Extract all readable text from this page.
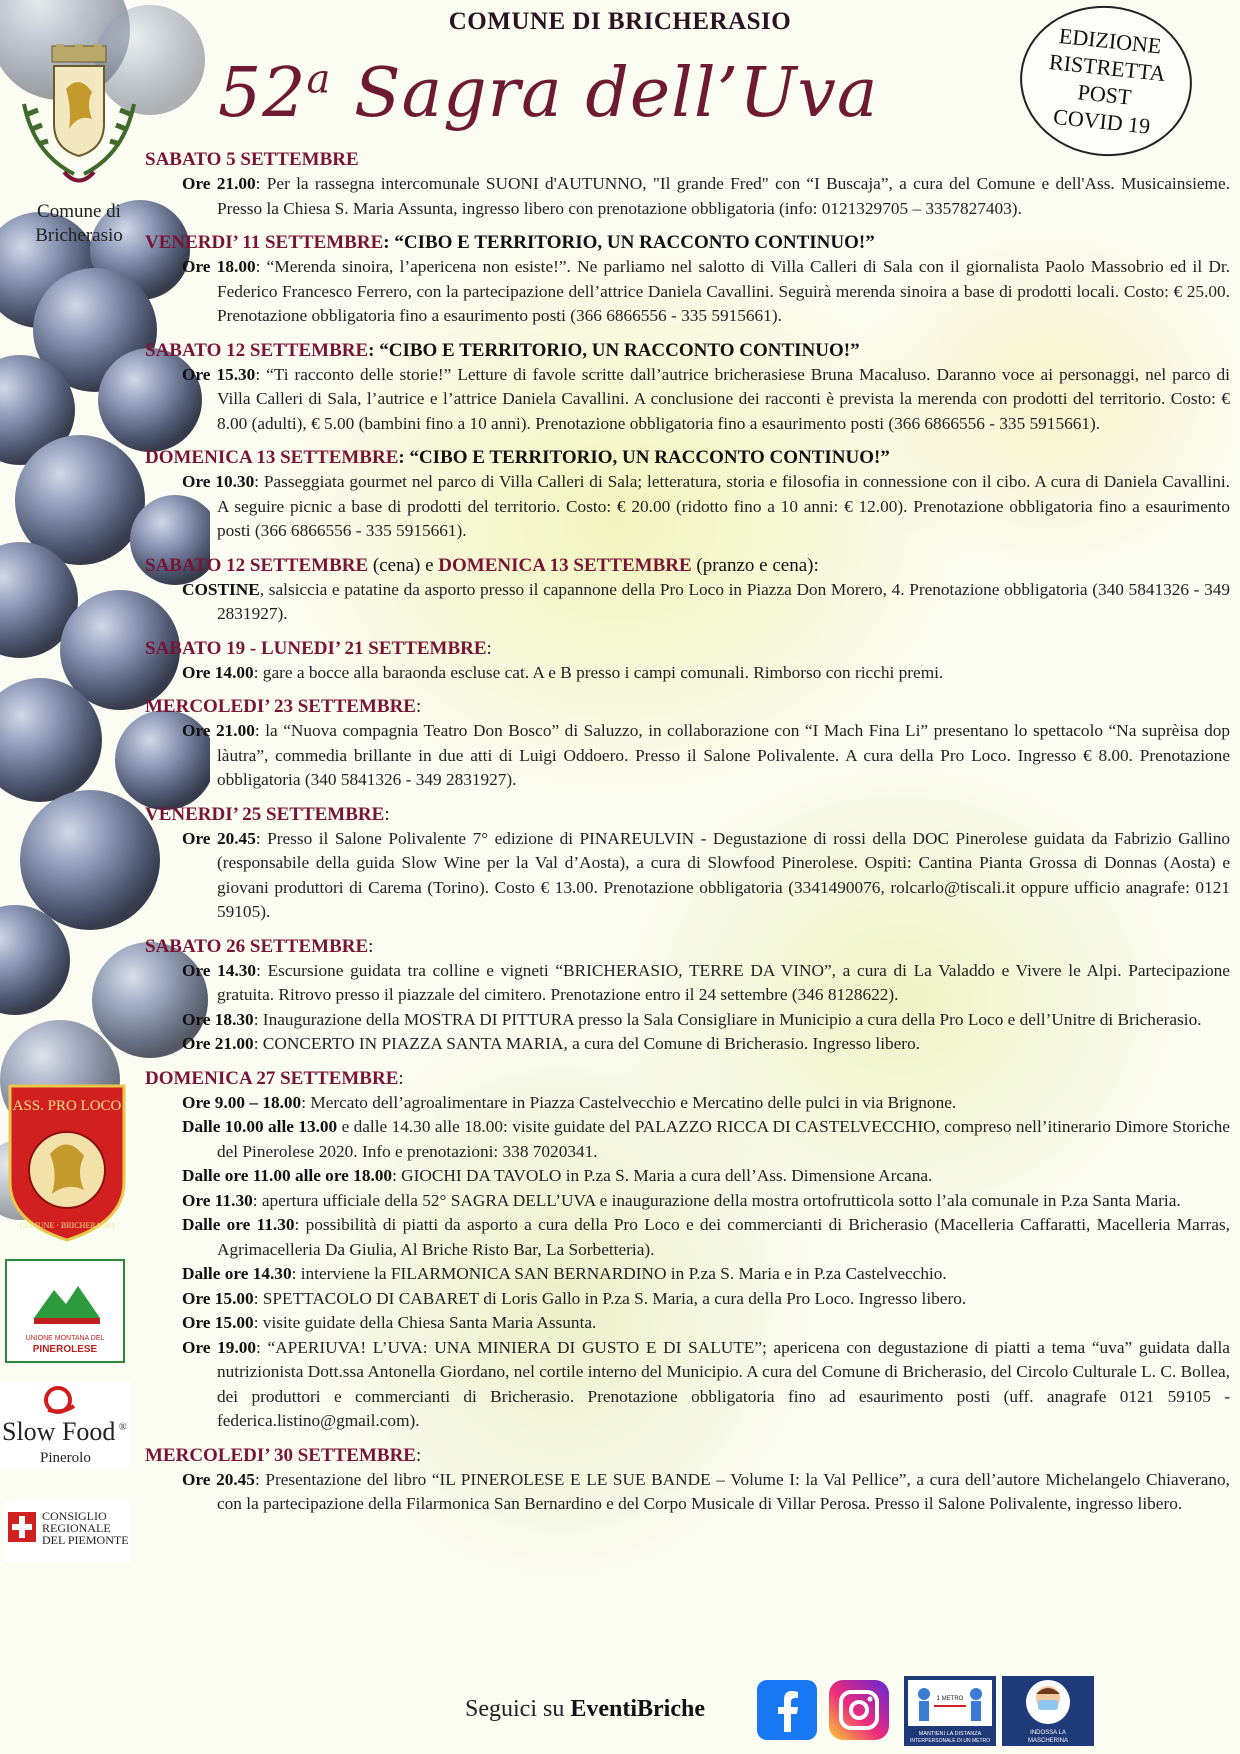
Comune di
Bricherasio
COMUNE DI BRICHERASIO
52$^a$ Sagra dell’Uva
EDIZIONE
RISTRETTA
POST
COVID 19
SABATO 5 SETTEMBRE
Ore 21.00: Per la rassegna intercomunale SUONI d'AUTUNNO, "Il grande Fred" con “I Buscaja”, a cura del Comune e dell'Ass. Musicainsieme. Presso la Chiesa S. Maria Assunta, ingresso libero con prenotazione obbligatoria (info: 0121329705 – 3357827403).
VENERDI’ 11 SETTEMBRE: “CIBO E TERRITORIO, UN RACCONTO CONTINUO!”
Ore 18.00: “Merenda sinoira, l’apericena non esiste!”. Ne parliamo nel salotto di Villa Calleri di Sala con il giornalista Paolo Massobrio ed il Dr. Federico Francesco Ferrero, con la partecipazione dell’attrice Daniela Cavallini. Seguirà merenda sinoira a base di prodotti locali. Costo: € 25.00. Prenotazione obbligatoria fino a esaurimento posti (366 6866556 - 335 5915661).
SABATO 12 SETTEMBRE: “CIBO E TERRITORIO, UN RACCONTO CONTINUO!”
Ore 15.30: “Ti racconto delle storie!” Letture di favole scritte dall’autrice bricherasiese Bruna Macaluso. Daranno voce ai personaggi, nel parco di Villa Calleri di Sala, l’autrice e l’attrice Daniela Cavallini. A conclusione dei racconti è prevista la merenda con prodotti del territorio. Costo: € 8.00 (adulti), € 5.00 (bambini fino a 10 anni). Prenotazione obbligatoria fino a esaurimento posti (366 6866556 - 335 5915661).
DOMENICA 13 SETTEMBRE: “CIBO E TERRITORIO, UN RACCONTO CONTINUO!”
Ore 10.30: Passeggiata gourmet nel parco di Villa Calleri di Sala; letteratura, storia e filosofia in connessione con il cibo. A cura di Daniela Cavallini. A seguire picnic a base di prodotti del territorio. Costo: € 20.00 (ridotto fino a 10 anni: € 12.00). Prenotazione obbligatoria fino a esaurimento posti (366 6866556 - 335 5915661).
SABATO 12 SETTEMBRE (cena) e DOMENICA 13 SETTEMBRE (pranzo e cena):
COSTINE, salsiccia e patatine da asporto presso il capannone della Pro Loco in Piazza Don Morero, 4. Prenotazione obbligatoria (340 5841326 - 349 2831927).
SABATO 19 - LUNEDI’ 21 SETTEMBRE:
Ore 14.00: gare a bocce alla baraonda escluse cat. A e B presso i campi comunali. Rimborso con ricchi premi.
MERCOLEDI’ 23 SETTEMBRE:
Ore 21.00: la “Nuova compagnia Teatro Don Bosco” di Saluzzo, in collaborazione con “I Mach Fina Li” presentano lo spettacolo “Na suprèisa dop làutra”, commedia brillante in due atti di Luigi Oddoero. Presso il Salone Polivalente. A cura della Pro Loco. Ingresso € 8.00. Prenotazione obbligatoria (340 5841326 - 349 2831927).
VENERDI’ 25 SETTEMBRE:
Ore 20.45: Presso il Salone Polivalente 7° edizione di PINAREULVIN - Degustazione di rossi della DOC Pinerolese guidata da Fabrizio Gallino (responsabile della guida Slow Wine per la Val d’Aosta), a cura di Slowfood Pinerolese. Ospiti: Cantina Pianta Grossa di Donnas (Aosta) e giovani produttori di Carema (Torino). Costo € 13.00. Prenotazione obbligatoria (3341490076, rolcarlo@tiscali.it oppure ufficio anagrafe: 0121 59105).
SABATO 26 SETTEMBRE:
Ore 14.30: Escursione guidata tra colline e vigneti “BRICHERASIO, TERRE DA VINO”, a cura di La Valaddo e Vivere le Alpi. Partecipazione gratuita. Ritrovo presso il piazzale del cimitero. Prenotazione entro il 24 settembre (346 8128622).
Ore 18.30: Inaugurazione della MOSTRA DI PITTURA presso la Sala Consigliare in Municipio a cura della Pro Loco e dell’Unitre di Bricherasio.
Ore 21.00: CONCERTO IN PIAZZA SANTA MARIA, a cura del Comune di Bricherasio. Ingresso libero.
DOMENICA 27 SETTEMBRE:
Ore 9.00 – 18.00: Mercato dell’agroalimentare in Piazza Castelvecchio e Mercatino delle pulci in via Brignone.
Dalle 10.00 alle 13.00 e dalle 14.30 alle 18.00: visite guidate del PALAZZO RICCA DI CASTELVECCHIO, compreso nell’itinerario Dimore Storiche del Pinerolese 2020. Info e prenotazioni: 338 7020341.
Dalle ore 11.00 alle ore 18.00: GIOCHI DA TAVOLO in P.za S. Maria a cura dell’Ass. Dimensione Arcana.
Ore 11.30: apertura ufficiale della 52° SAGRA DELL’UVA e inaugurazione della mostra ortofrutticola sotto l’ala comunale in P.za Santa Maria.
Dalle ore 11.30: possibilità di piatti da asporto a cura della Pro Loco e dei commercianti di Bricherasio (Macelleria Caffaratti, Macelleria Marras, Agrimacelleria Da Giulia, Al Briche Risto Bar, La Sorbetteria).
Dalle ore 14.30: interviene la FILARMONICA SAN BERNARDINO in P.za S. Maria e in P.za Castelvecchio.
Ore 15.00: SPETTACOLO DI CABARET di Loris Gallo in P.za S. Maria, a cura della Pro Loco. Ingresso libero.
Ore 15.00: visite guidate della Chiesa Santa Maria Assunta.
Ore 19.00: “APERIUVA! L’UVA: UNA MINIERA DI GUSTO E DI SALUTE”; apericena con degustazione di piatti a tema “uva” guidata dalla nutrizionista Dott.ssa Antonella Giordano, nel cortile interno del Municipio. A cura del Comune di Bricherasio, del Circolo Culturale L. C. Bollea, dei produttori e commercianti di Bricherasio. Prenotazione obbligatoria fino ad esaurimento posti (uff. anagrafe 0121 59105 - federica.listino@gmail.com).
MERCOLEDI’ 30 SETTEMBRE:
Ore 20.45: Presentazione del libro “IL PINEROLESE E LE SUE BANDE – Volume I: la Val Pellice”, a cura dell’autore Michelangelo Chiaverano, con la partecipazione della Filarmonica San Bernardino e del Corpo Musicale di Villar Perosa. Presso il Salone Polivalente, ingresso libero.
ASS. PRO LOCO
COMUNE · BRICHERASIO
UNIONE MONTANA DEL
PINEROLESE
Slow Food ®
Pinerolo
CONSIGLIO
REGIONALE
DEL PIEMONTE
Seguici su EventiBriche	1 METRO
MANTIENI LA DISTANZA
INTERPERSONALE DI UN METRO
INDOSSA LA
MASCHERINA
